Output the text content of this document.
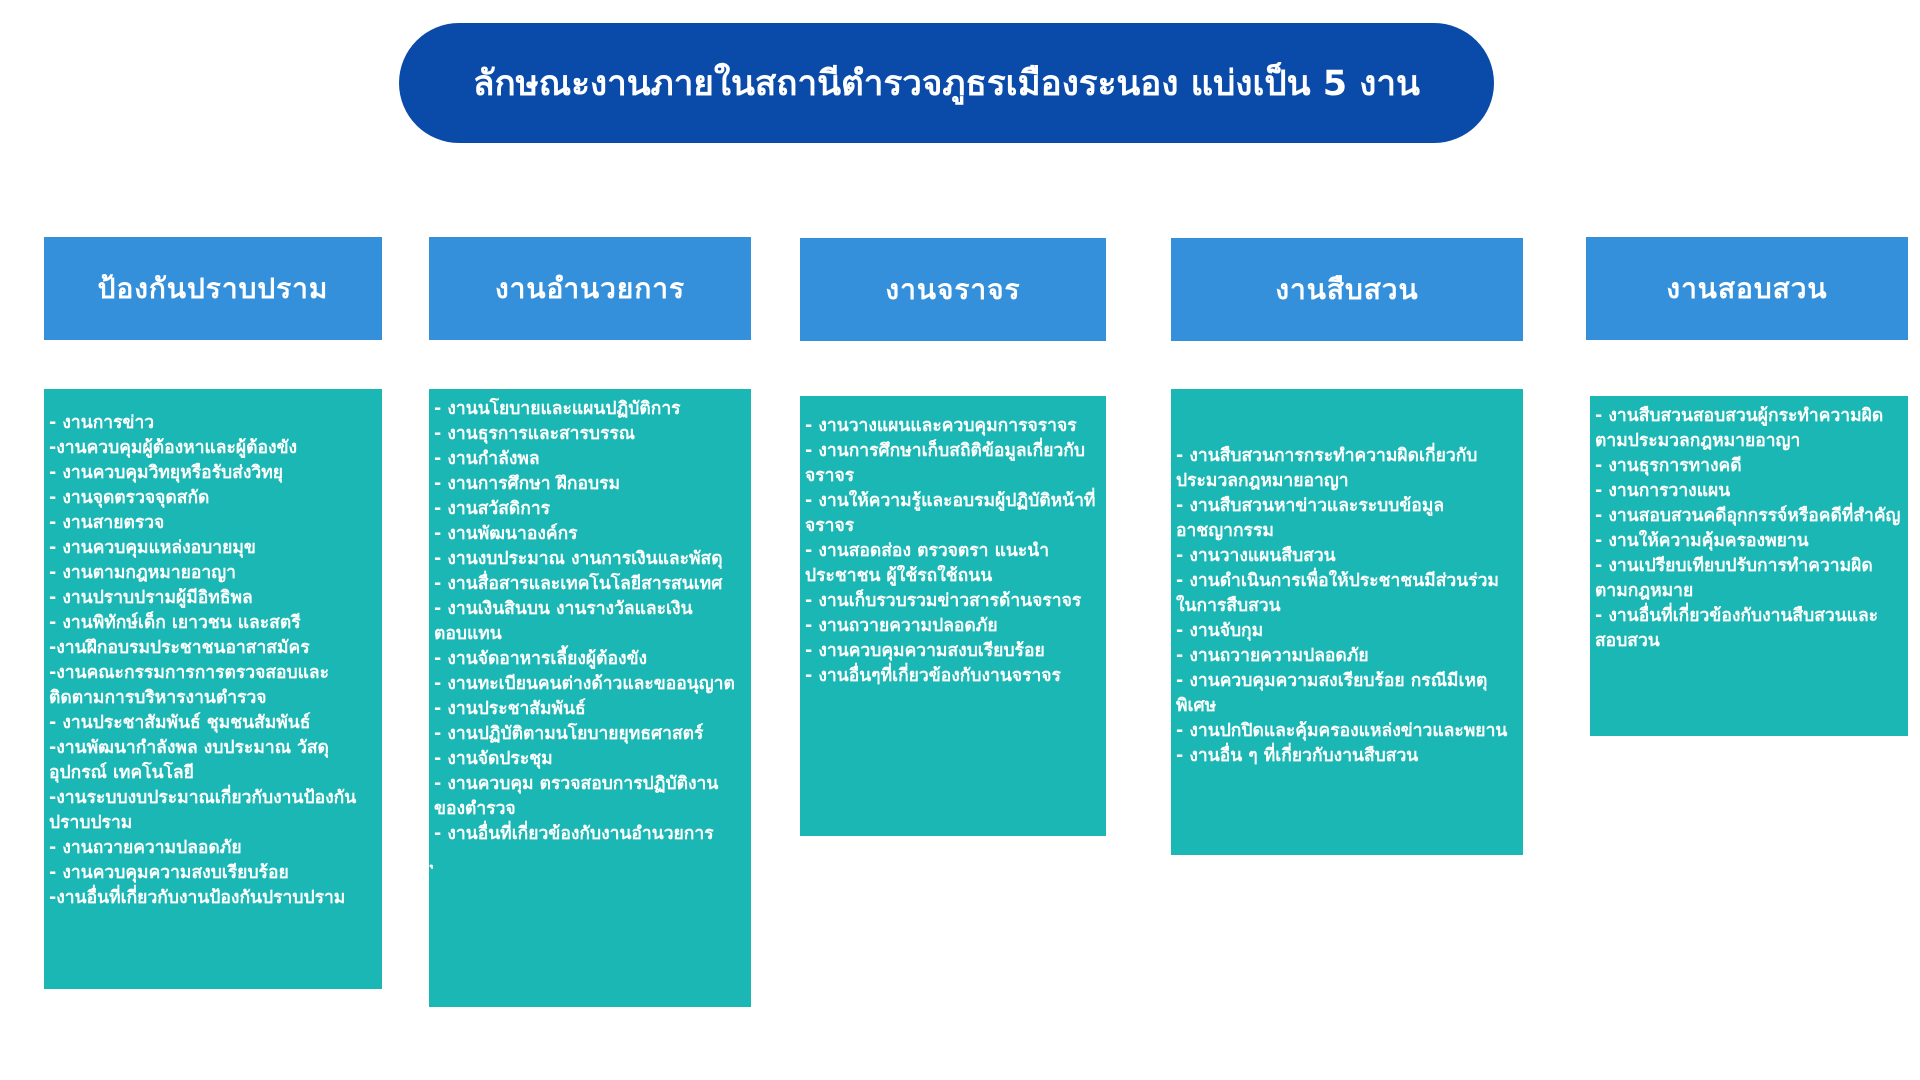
ลักษณะงานภายในสถานีตำรวจภูธรเมืองระนอง แบ่งเป็น 5 งาน
ป้องกันปราบปราม
- งานการข่าว
-งานควบคุมผู้ต้องหาและผู้ต้องขัง
- งานควบคุมวิทยุหรือรับส่งวิทยุ
- งานจุดตรวจจุดสกัด
- งานสายตรวจ
- งานควบคุมแหล่งอบายมุข
- งานตามกฎหมายอาญา
- งานปราบปรามผู้มีอิทธิพล
- งานพิทักษ์เด็ก เยาวชน และสตรี
-งานฝึกอบรมประชาชนอาสาสมัคร
-งานคณะกรรมการการตรวจสอบและติดตามการบริหารงานตำรวจ
- งานประชาสัมพันธ์ ชุมชนสัมพันธ์
-งานพัฒนากำลังพล งบประมาณ วัสดุ อุปกรณ์ เทคโนโลยี
-งานระบบงบประมาณเกี่ยวกับงานป้องกันปราบปราม
- งานถวายความปลอดภัย
- งานควบคุมความสงบเรียบร้อย
-งานอื่นที่เกี่ยวกับงานป้องกันปราบปราม
งานอำนวยการ
- งานนโยบายและแผนปฏิบัติการ
- งานธุรการและสารบรรณ
- งานกำลังพล
- งานการศึกษา ฝึกอบรม
- งานสวัสดิการ
- งานพัฒนาองค์กร
- งานงบประมาณ งานการเงินและพัสดุ
- งานสื่อสารและเทคโนโลยีสารสนเทศ
- งานเงินสินบน งานรางวัลและเงินตอบแทน
- งานจัดอาหารเลี้ยงผู้ต้องขัง
- งานทะเบียนคนต่างด้าวและขออนุญาต
- งานประชาสัมพันธ์
- งานปฏิบัติตามนโยบายยุทธศาสตร์
- งานจัดประชุม
- งานควบคุม ตรวจสอบการปฏิบัติงานของตำรวจ
- งานอื่นที่เกี่ยวข้องกับงานอำนวยการ
งานจราจร
- งานวางแผนและควบคุมการจราจร
- งานการศึกษาเก็บสถิติข้อมูลเกี่ยวกับจราจร
- งานให้ความรู้และอบรมผู้ปฏิบัติหน้าที่จราจร
- งานสอดส่อง ตรวจตรา แนะนำประชาชน ผู้ใช้รถใช้ถนน
- งานเก็บรวบรวมข่าวสารด้านจราจร
- งานถวายความปลอดภัย
- งานควบคุมความสงบเรียบร้อย
- งานอื่นๆที่เกี่ยวข้องกับงานจราจร
งานสืบสวน
- งานสืบสวนการกระทำความผิดเกี่ยวกับประมวลกฎหมายอาญา
- งานสืบสวนหาข่าวและระบบข้อมูลอาชญากรรม
- งานวางแผนสืบสวน
- งานดำเนินการเพื่อให้ประชาชนมีส่วนร่วมในการสืบสวน
- งานจับกุม
- งานถวายความปลอดภัย
- งานควบคุมความสงเรียบร้อย กรณีมีเหตุพิเศษ
- งานปกปิดและคุ้มครองแหล่งข่าวและพยาน
- งานอื่น ๆ ที่เกี่ยวกับงานสืบสวน
งานสอบสวน
- งานสืบสวนสอบสวนผู้กระทำความผิดตามประมวลกฎหมายอาญา
- งานธุรการทางคดี
- งานการวางแผน
- งานสอบสวนคดีอุกกรรจ์หรือคดีที่สำคัญ
- งานให้ความคุ้มครองพยาน
- งานเปรียบเทียบปรับการทำความผิดตามกฎหมาย
- งานอื่นที่เกี่ยวข้องกับงานสืบสวนและสอบสวน
